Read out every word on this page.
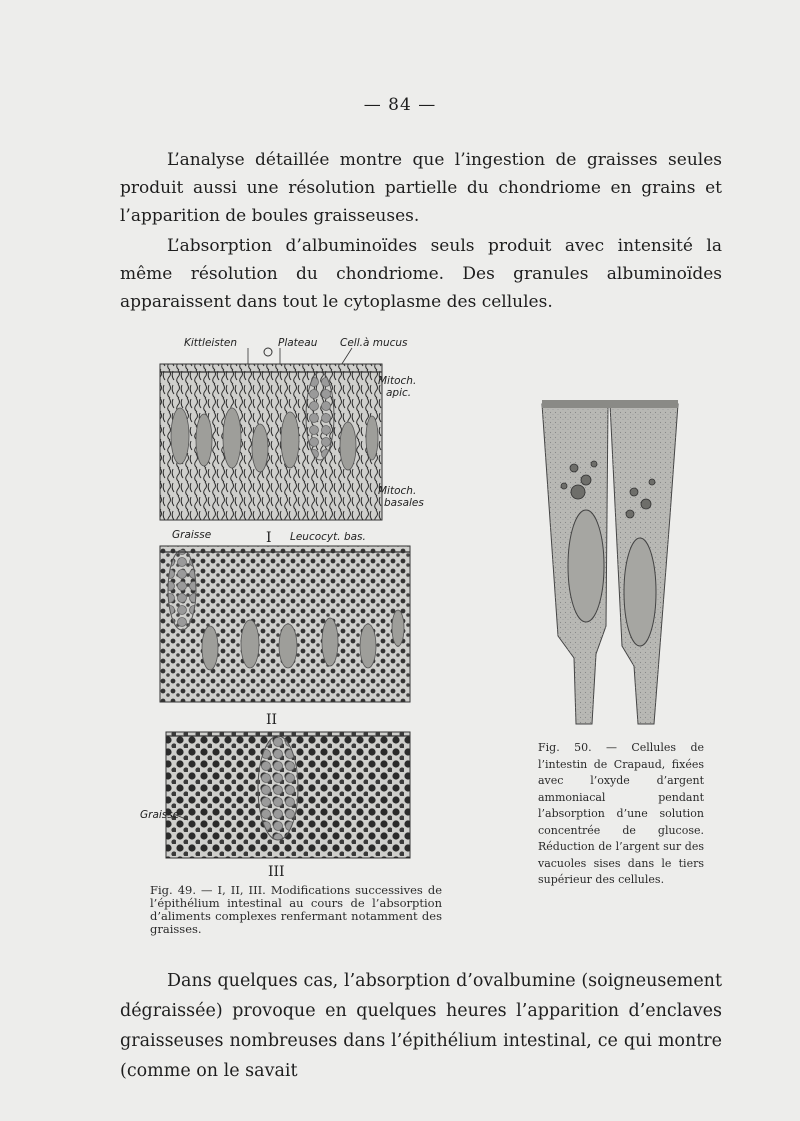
— 84 —

L’analyse détaillée montre que l’ingestion de graisses seules produit aussi une résolution partielle du chondriome en grains et l’apparition de boules graisseuses.

L’absorption d’albuminoïdes seuls produit avec intensité la même résolution du chondriome. Des granules albuminoïdes apparaissent dans tout le cytoplasme des cellules.

Kittleisten	Plateau Cell.à mucus
Mitoch.
apic.
Mitoch.
basales
I
Graisse	Leucocyt. bas.
II
Graisse
III

Fig. 49. — I, II, III. Modifications successives de l’épithélium intestinal au cours de l’absorption d’aliments complexes renfermant notamment des graisses.

Fig. 50. — Cellules de l’intestin de Crapaud, fixées avec l’oxyde d’argent ammoniacal pendant l’absorption d’une solution concentrée de glucose. Réduction de l’argent sur des vacuoles sises dans le tiers supérieur des cellules.

Dans quelques cas, l’absorption d’ovalbumine (soigneusement dégraissée) provoque en quelques heures l’apparition d’enclaves graisseuses nombreuses dans l’épithélium intestinal, ce qui montre (comme on le savait
